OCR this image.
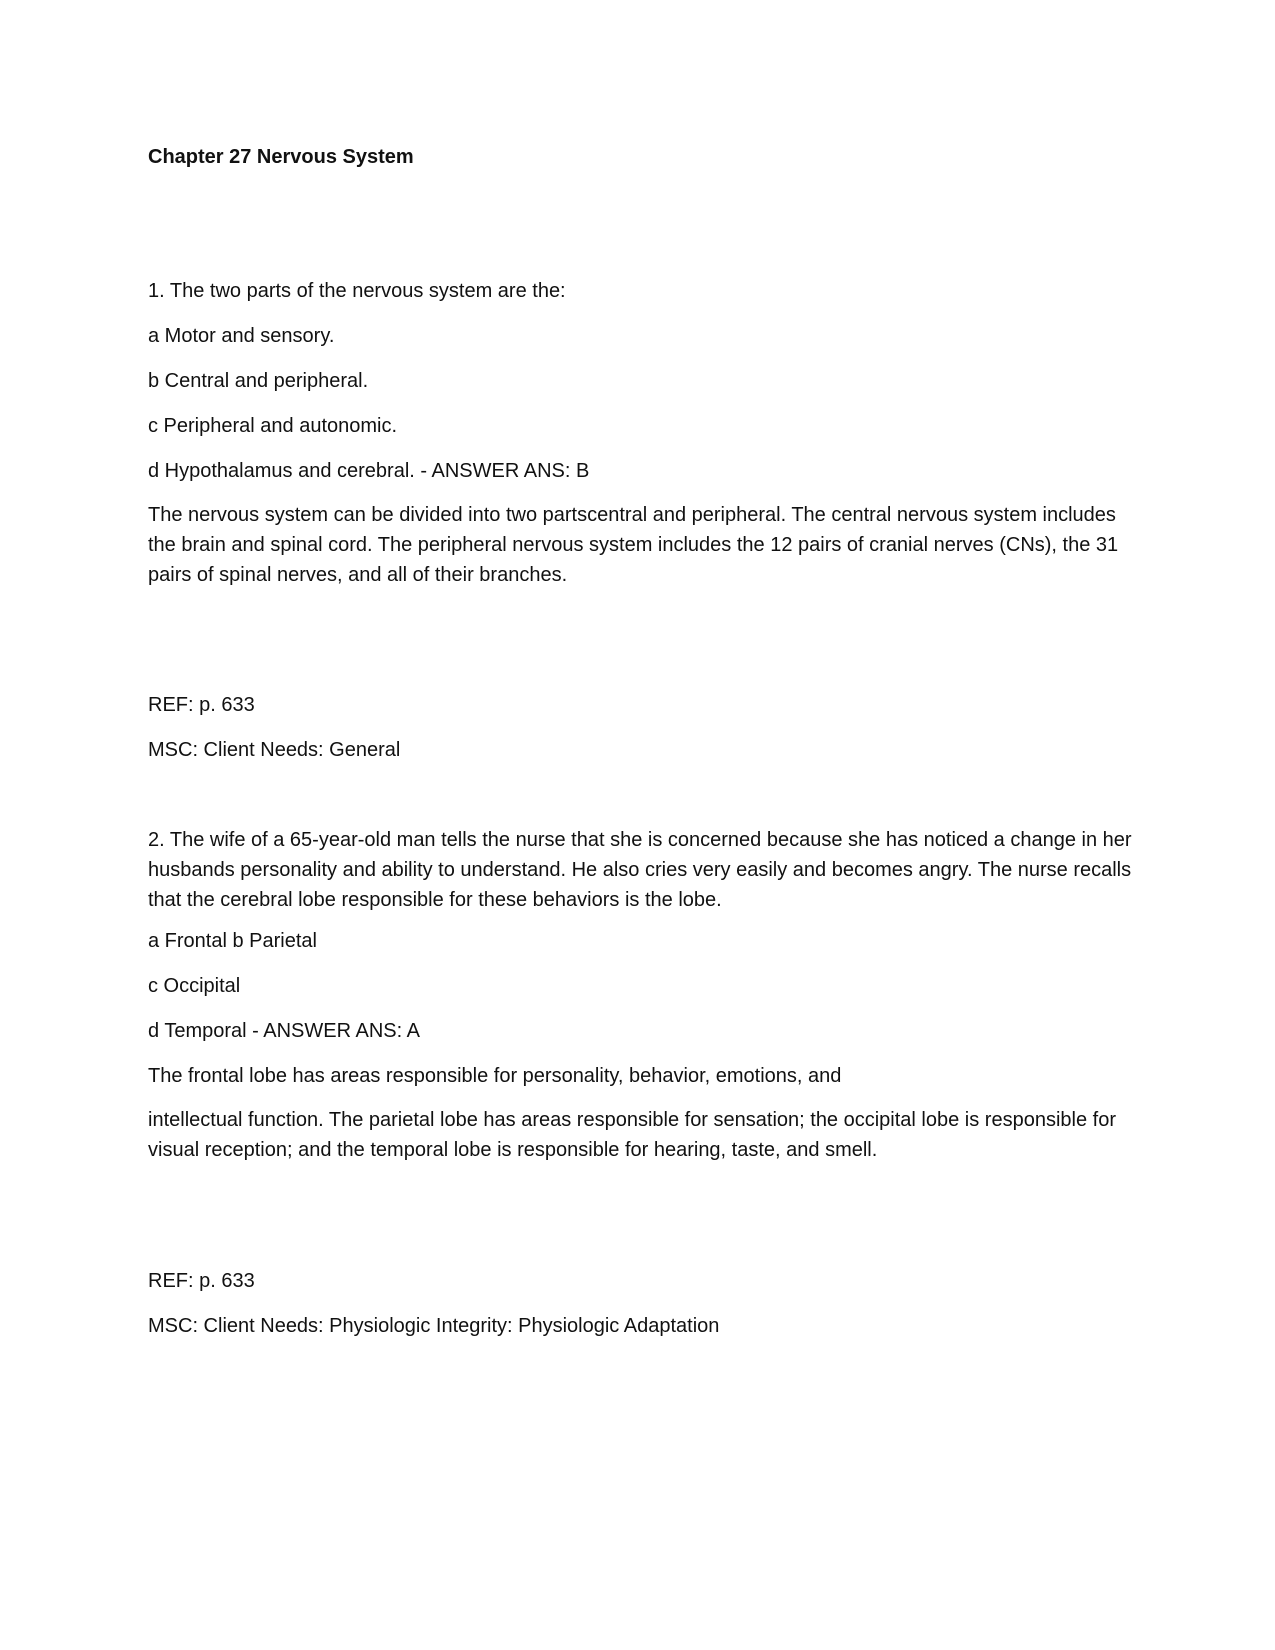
Chapter 27 Nervous System
1. The two parts of the nervous system are the:
a Motor and sensory.
b Central and peripheral.
c Peripheral and autonomic.
d Hypothalamus and cerebral. - ANSWER ANS: B
The nervous system can be divided into two partscentral and peripheral. The central nervous system includes the brain and spinal cord. The peripheral nervous system includes the 12 pairs of cranial nerves (CNs), the 31 pairs of spinal nerves, and all of their branches.
REF: p. 633
MSC: Client Needs: General
2. The wife of a 65-year-old man tells the nurse that she is concerned because she has noticed a change in her husbands personality and ability to understand. He also cries very easily and becomes angry. The nurse recalls that the cerebral lobe responsible for these behaviors is the lobe.
a Frontal b Parietal
c Occipital
d Temporal - ANSWER ANS: A
The frontal lobe has areas responsible for personality, behavior, emotions, and
intellectual function. The parietal lobe has areas responsible for sensation; the occipital lobe is responsible for visual reception; and the temporal lobe is responsible for hearing, taste, and smell.
REF: p. 633
MSC: Client Needs: Physiologic Integrity: Physiologic Adaptation
